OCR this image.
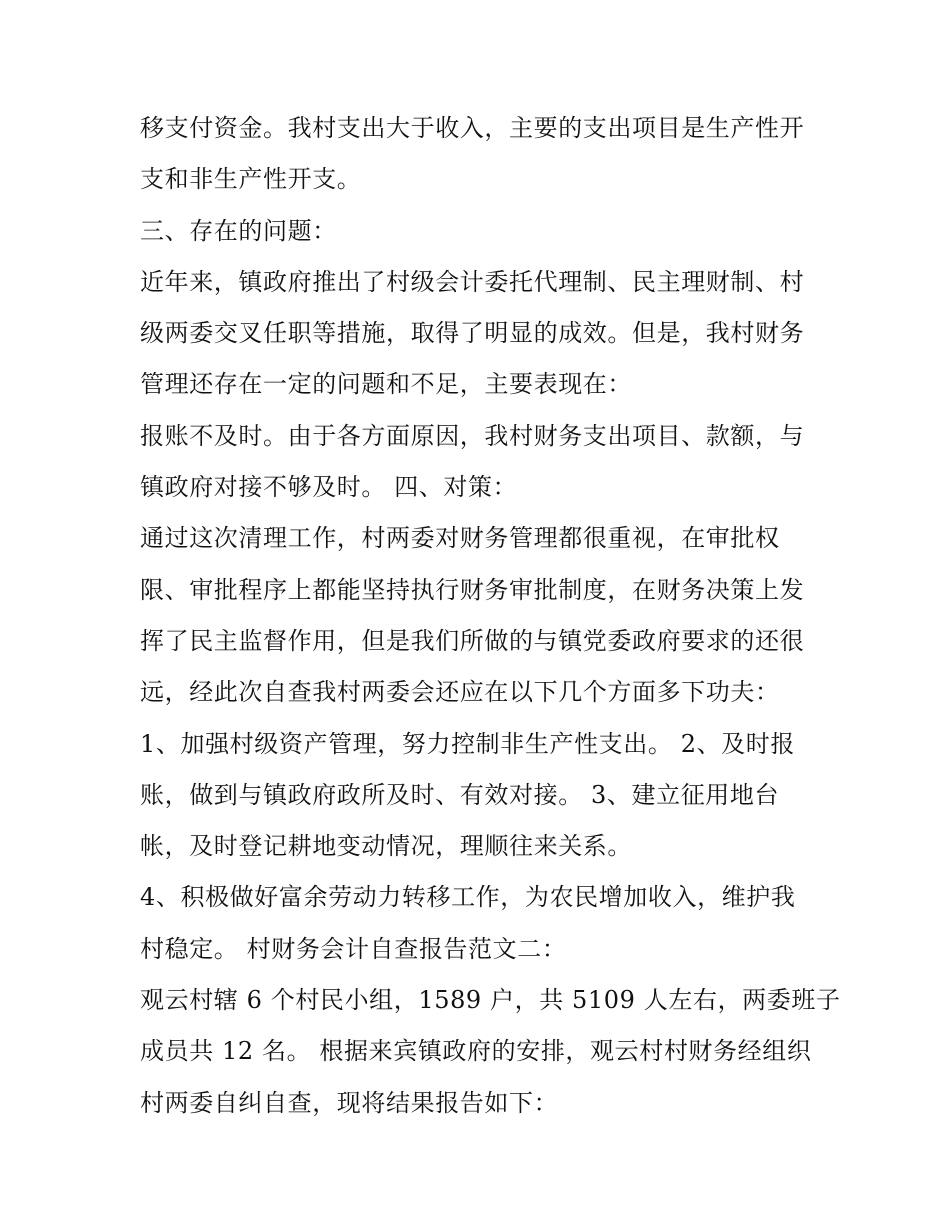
移支付资金。我村支出大于收入，主要的支出项目是生产性开
支和非生产性开支。
三、存在的问题：
近年来，镇政府推出了村级会计委托代理制、民主理财制、村
级两委交叉任职等措施，取得了明显的成效。但是，我村财务
管理还存在一定的问题和不足，主要表现在：
报账不及时。由于各方面原因，我村财务支出项目、款额，与
镇政府对接不够及时。 四、对策：
通过这次清理工作，村两委对财务管理都很重视，在审批权
限、审批程序上都能坚持执行财务审批制度，在财务决策上发
挥了民主监督作用，但是我们所做的与镇党委政府要求的还很
远，经此次自查我村两委会还应在以下几个方面多下功夫：
1、加强村级资产管理，努力控制非生产性支出。 2、及时报
账，做到与镇政府政所及时、有效对接。 3、建立征用地台
帐，及时登记耕地变动情况，理顺往来关系。
4、积极做好富余劳动力转移工作，为农民增加收入，维护我
村稳定。 村财务会计自查报告范文二：
观云村辖 6 个村民小组，1589 户，共 5109 人左右，两委班子
成员共 12 名。 根据来宾镇政府的安排，观云村村财务经组织
村两委自纠自查，现将结果报告如下：
